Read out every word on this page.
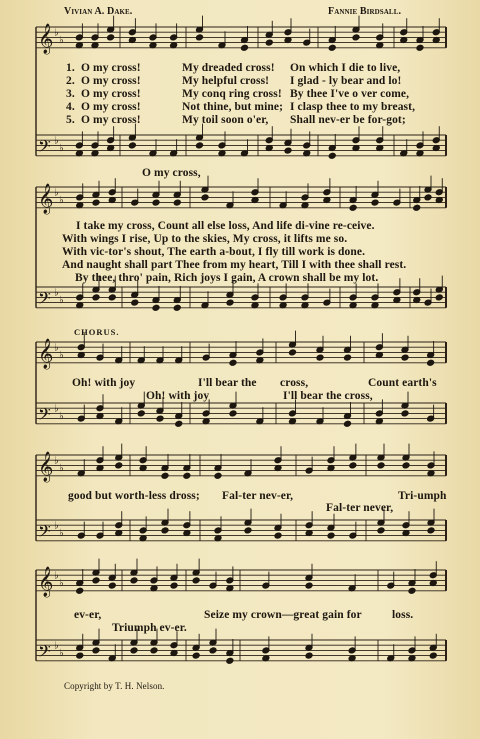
𝄞 ♭
♭
𝄢 ♭
♭
𝄞 ♭
♭
𝄢 ♭
♭
𝄞 ♭
♭
𝄢 ♭
♭
𝄞 ♭
♭
𝄢 ♭
♭
𝄞 ♭
♭
𝄢 ♭
♭
Vivian A. Dake.	Fannie Birdsall.
1. O my cross!	My dreaded cross! On which I die to live,
2. O my cross!	My helpful cross! I glad - ly bear and lo!
3. O my cross!	My conq ring cross! By thee I've o ver come,
4. O my cross!	Not thine, but mine; I clasp thee to my breast,
5. O my cross!	My toil soon o'er, Shall nev-er be for-got;
O my cross,
I take my cross, Count all else loss, And life di-vine re-ceive.
With wings I rise, Up to the skies, My cross, it lifts me so.
With vic-tor's shout, The earth a-bout, I fly till work is done.
And naught shall part Thee from my heart, Till I with thee shall rest.
By thee, thro' pain, Rich joys I gain, A crown shall be my lot.
CHORUS.
Oh! with joy	I'll bear the cross,	Count earth's
Oh! with joy	I'll bear the cross,
good but worth-less dross; Fal-ter nev-er,	Tri-umph
Fal-ter never,
ev-er,	Seize my crown—great gain for	loss.
Triumph ev-er.
Copyright by T. H. Nelson.
